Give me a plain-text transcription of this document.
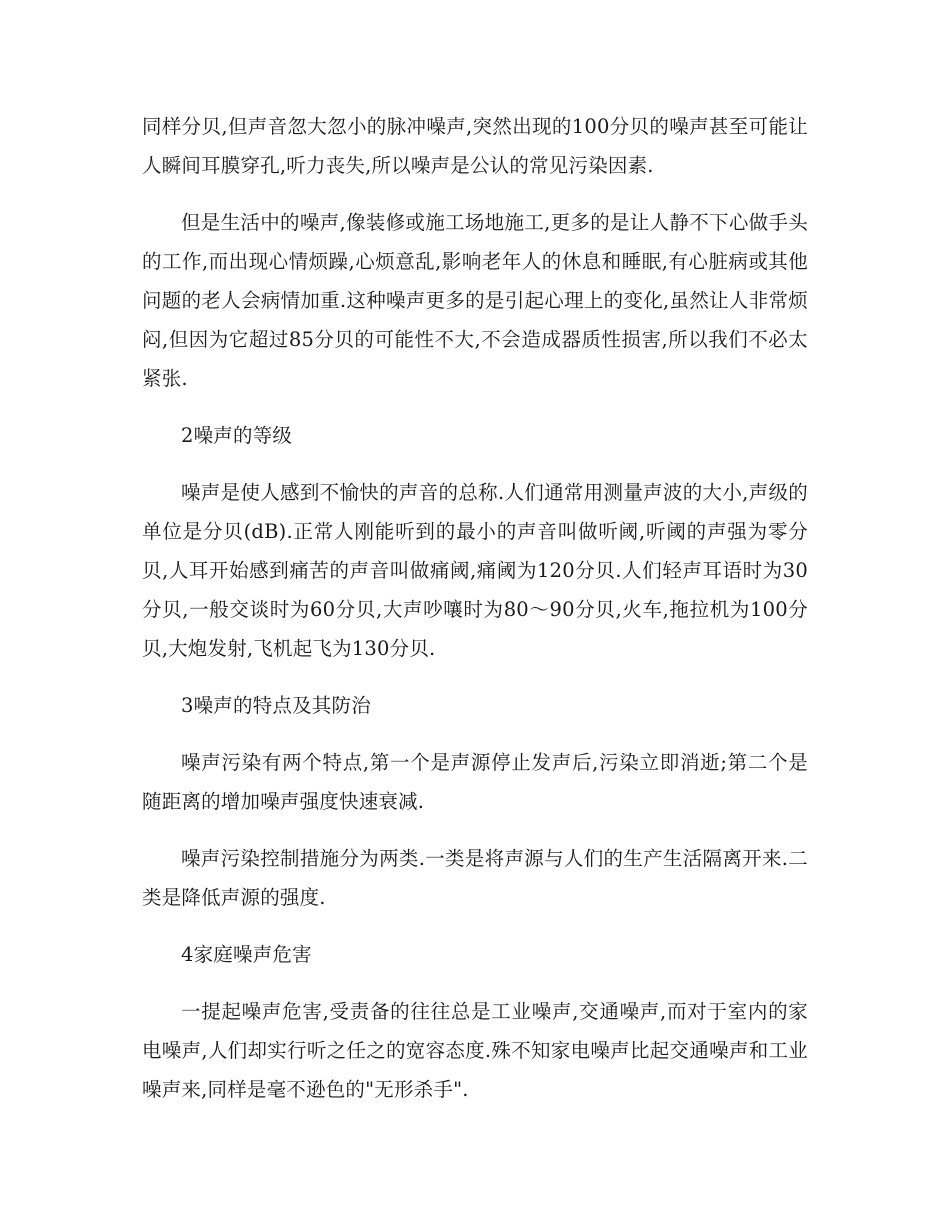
同样分贝,但声音忽大忽小的脉冲噪声,突然出现的100分贝的噪声甚至可能让人瞬间耳膜穿孔,听力丧失,所以噪声是公认的常见污染因素.

但是生活中的噪声,像装修或施工场地施工,更多的是让人静不下心做手头的工作,而出现心情烦躁,心烦意乱,影响老年人的休息和睡眠,有心脏病或其他问题的老人会病情加重.这种噪声更多的是引起心理上的变化,虽然让人非常烦闷,但因为它超过85分贝的可能性不大,不会造成器质性损害,所以我们不必太紧张.

2噪声的等级

噪声是使人感到不愉快的声音的总称.人们通常用测量声波的大小,声级的单位是分贝(dB).正常人刚能听到的最小的声音叫做听阈,听阈的声强为零分贝,人耳开始感到痛苦的声音叫做痛阈,痛阈为120分贝.人们轻声耳语时为30分贝,一般交谈时为60分贝,大声吵嚷时为80～90分贝,火车,拖拉机为100分贝,大炮发射,飞机起飞为130分贝.

3噪声的特点及其防治

噪声污染有两个特点,第一个是声源停止发声后,污染立即消逝;第二个是随距离的增加噪声强度快速衰减.

噪声污染控制措施分为两类.一类是将声源与人们的生产生活隔离开来.二类是降低声源的强度.

4家庭噪声危害

一提起噪声危害,受责备的往往总是工业噪声,交通噪声,而对于室内的家电噪声,人们却实行听之任之的宽容态度.殊不知家电噪声比起交通噪声和工业噪声来,同样是毫不逊色的"无形杀手".
